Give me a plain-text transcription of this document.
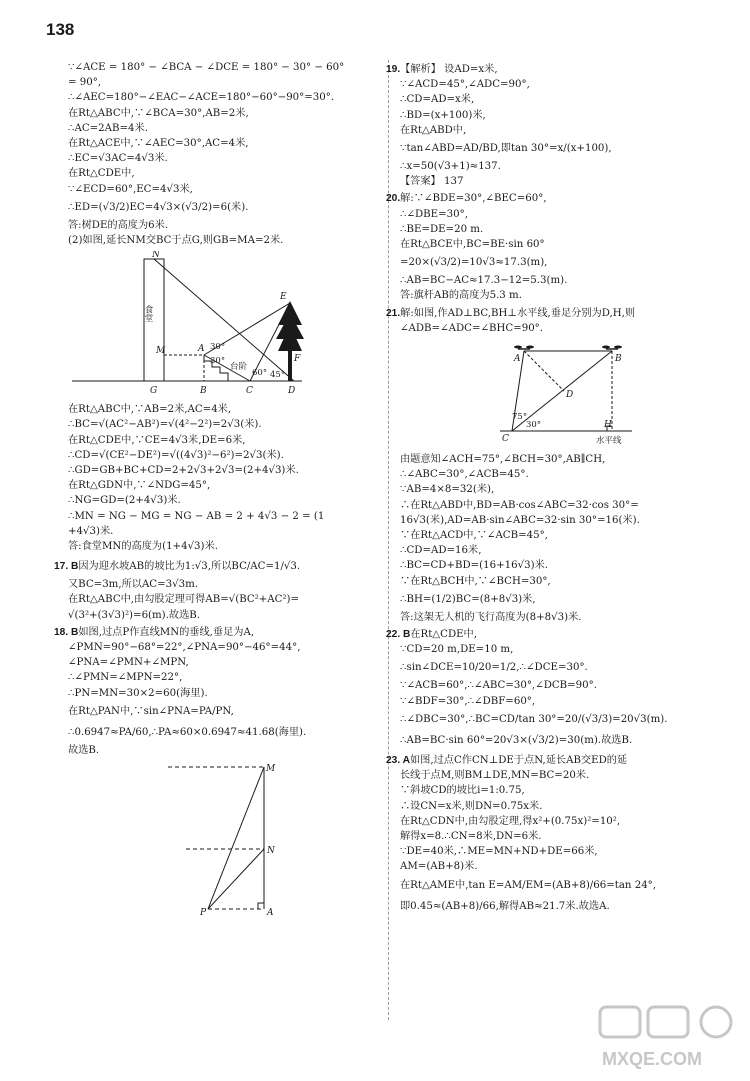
138
∵∠ACE = 180° − ∠BCA − ∠DCE = 180° − 30° − 60°
= 90°,
∴∠AEC=180°−∠EAC−∠ACE=180°−60°−90°=30°.
在Rt△ABC中,∵∠BCA=30°,AB=2米,
∴AC=2AB=4米.
在Rt△ACE中,∵∠AEC=30°,AC=4米,
∴EC=√3AC=4√3米.
在Rt△CDE中,
∵∠ECD=60°,EC=4√3米,
∴ED=(√3/2)EC=4√3×(√3/2)=6(米).
答:树DE的高度为6米.
(2)如图,延长NM交BC于点G,则GB=MA=2米.
食堂
台阶
N
E
M	A
F
G	B	C	D
30°
30°
60° 45°
在Rt△ABC中,∵AB=2米,AC=4米,
∴BC=√(AC²−AB²)=√(4²−2²)=2√3(米).
在Rt△CDE中,∵CE=4√3米,DE=6米,
∴CD=√(CE²−DE²)=√((4√3)²−6²)=2√3(米).
∴GD=GB+BC+CD=2+2√3+2√3=(2+4√3)米.
在Rt△GDN中,∵∠NDG=45°,
∴NG=GD=(2+4√3)米.
∴MN = NG − MG = NG − AB = 2 + 4√3 − 2 = (1
+4√3)米.
答:食堂MN的高度为(1+4√3)米.
17. B因为迎水坡AB的坡比为1:√3,所以BC/AC=1/√3.
又BC=3m,所以AC=3√3m.
在Rt△ABC中,由勾股定理可得AB=√(BC²+AC²)=
√(3²+(3√3)²)=6(m).故选B.
18. B如图,过点P作直线MN的垂线,垂足为A,
∠PMN=90°−68°=22°,∠PNA=90°−46°=44°,
∠PNA=∠PMN+∠MPN,
∴∠PMN=∠MPN=22°,
∴PN=MN=30×2=60(海里).
在Rt△PAN中,∵sin∠PNA=PA/PN,
∴0.6947≈PA/60,∴PA≈60×0.6947≈41.68(海里).
故选B.
M
N
P	A
19.【解析】 设AD=x米,
∵∠ACD=45°,∠ADC=90°,
∴CD=AD=x米,
∴BD=(x+100)米,
在Rt△ABD中,
∵tan∠ABD=AD/BD,即tan 30°=x/(x+100),
∴x=50(√3+1)≈137.
【答案】 137
20.解:∵∠BDE=30°,∠BEC=60°,
∴∠DBE=30°,
∴BE=DE=20 m.
在Rt△BCE中,BC=BE·sin 60°
=20×(√3/2)=10√3≈17.3(m),
∴AB=BC−AC≈17.3−12=5.3(m).
答:旗杆AB的高度为5.3 m.
21.解:如图,作AD⊥BC,BH⊥水平线,垂足分别为D,H,则
∠ADB=∠ADC=∠BHC=90°.
A	B
D
C
H
75°
30°
水平线
由题意知∠ACH=75°,∠BCH=30°,AB∥CH,
∴∠ABC=30°,∠ACB=45°.
∵AB=4×8=32(米),
∴在Rt△ABD中,BD=AB·cos∠ABC=32·cos 30°=
16√3(米),AD=AB·sin∠ABC=32·sin 30°=16(米).
∵在Rt△ACD中,∵∠ACB=45°,
∴CD=AD=16米,
∴BC=CD+BD=(16+16√3)米.
∵在Rt△BCH中,∵∠BCH=30°,
∴BH=(1/2)BC=(8+8√3)米,
答:这架无人机的飞行高度为(8+8√3)米.
22. B在Rt△CDE中,
∵CD=20 m,DE=10 m,
∴sin∠DCE=10/20=1/2,∴∠DCE=30°.
∵∠ACB=60°,∴∠ABC=30°,∠DCB=90°.
∵∠BDF=30°,∴∠DBF=60°,
∴∠DBC=30°,∴BC=CD/tan 30°=20/(√3/3)=20√3(m).
∴AB=BC·sin 60°=20√3×(√3/2)=30(m).故选B.
23. A如图,过点C作CN⊥DE于点N,延长AB交ED的延
长线于点M,则BM⊥DE,MN=BC=20米.
∵斜坡CD的坡比i=1:0.75,
∴设CN=x米,则DN=0.75x米.
在Rt△CDN中,由勾股定理,得x²+(0.75x)²=10²,
解得x=8.∴CN=8米,DN=6米.
∵DE=40米,∴ME=MN+ND+DE=66米,
AM=(AB+8)米.
在Rt△AME中,tan E=AM/EM=(AB+8)/66=tan 24°,
即0.45≈(AB+8)/66,解得AB≈21.7米.故选A.
MXQE.COM
